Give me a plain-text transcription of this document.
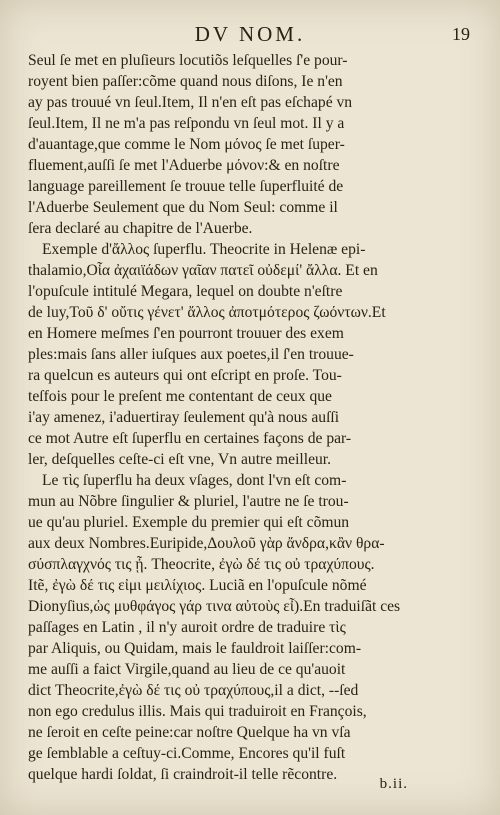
DV NOM.	19
Seul ſe met en pluſieurs locutiõs leſquelles ſ'e pour-
royent bien paſſer:cõme quand nous diſons, Ie n'en
ay pas trouué vn ſeul.Item, Il n'en eſt pas eſchapé vn
ſeul.Item, Il ne m'a pas reſpondu vn ſeul mot. Il y a
d'auantage,que comme le Nom μόνος ſe met ſuper-
fluement,auſſi ſe met l'Aduerbe μόνον:& en noſtre
language pareillement ſe trouue telle ſuperfluité de
l'Aduerbe Seulement que du Nom Seul: comme il
ſera declaré au chapitre de l'Auerbe.
Exemple d'ἄλλος ſuperflu. Theocrite in Helenæ epi-
thalamio,Οἷα ἀχαιϊάδων γαῖαν πατεῖ οὐδεμί' ἄλλα. Et en
l'opuſcule intitulé Megara, lequel on doubte n'eſtre
de luy,Τοῦ δ' οὔτις γένετ' ἄλλος ἀποτμότερος ζωόντων.Et
en Homere meſmes ſ'en pourront trouuer des exem
ples:mais ſans aller iuſques aux poetes,il ſ'en trouue-
ra quelcun es auteurs qui ont eſcript en proſe. Tou-
teſfois pour le preſent me contentant de ceux que
i'ay amenez, i'aduertiray ſeulement qu'à nous auſſi
ce mot Autre eſt ſuperflu en certaines façons de par-
ler, deſquelles ceſte-ci eſt vne, Vn autre meilleur.
Le τὶς ſuperflu ha deux vſages, dont l'vn eſt com-
mun au Nõbre ſingulier & pluriel, l'autre ne ſe trou-
ue qu'au pluriel. Exemple du premier qui eſt cõmun
aux deux Nombres.Euripide,Δουλοῦ γὰρ ἄνδρα,κἂν θρα-
σύσπλαγχνός τις ᾖ. Theocrite, ἐγὼ δέ τις οὐ τραχύπους.
Itẽ, ἐγὼ δέ τις εἰμι μειλίχιος. Luciã en l'opuſcule nõmé
Dionyſius,ὡς μυθφάγος γάρ τινα αὐτοὺς εἶ).En traduiſãt ces
paſſages en Latin , il n'y auroit ordre de traduire τὶς
par Aliquis, ou Quidam, mais le fauldroit laiſſer:com-
me auſſi a faict Virgile,quand au lieu de ce qu'auoit
dict Theocrite,ἐγὼ δέ τις οὐ τραχύπους,il a dict, --ſed
non ego credulus illis. Mais qui traduiroit en François,
ne ſeroit en ceſte peine:car noſtre Quelque ha vn vſa
ge ſemblable a ceſtuy-ci.Comme, Encores qu'il fuſt
quelque hardi ſoldat, ſi craindroit-il telle rẽcontre.
b.ii.
